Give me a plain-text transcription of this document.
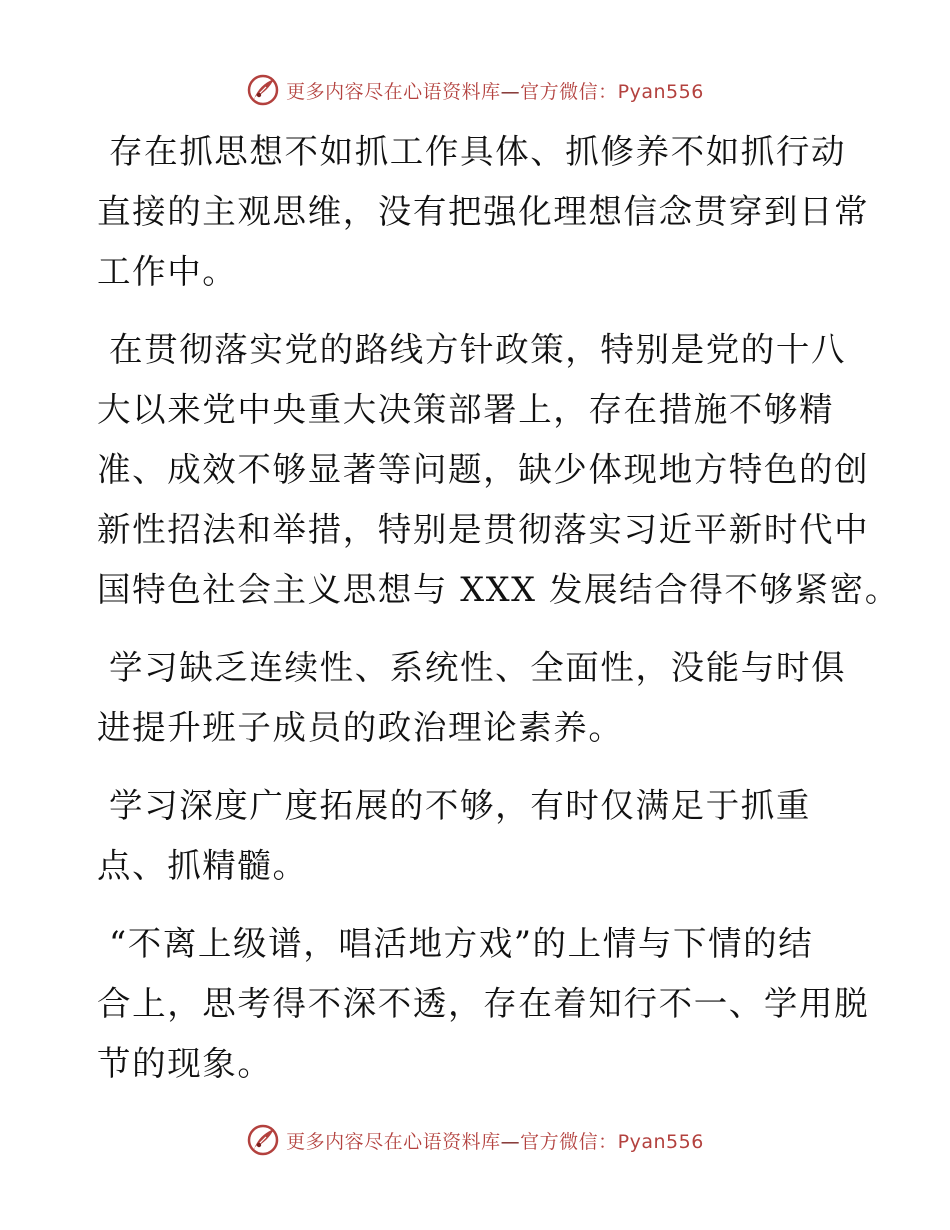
更多内容尽在心语资料库—官方微信：Pyan556

存在抓思想不如抓工作具体、抓修养不如抓行动
直接的主观思维，没有把强化理想信念贯穿到日常
工作中。

在贯彻落实党的路线方针政策，特别是党的十八
大以来党中央重大决策部署上，存在措施不够精
准、成效不够显著等问题，缺少体现地方特色的创
新性招法和举措，特别是贯彻落实习近平新时代中
国特色社会主义思想与 XXX 发展结合得不够紧密。

学习缺乏连续性、系统性、全面性，没能与时俱
进提升班子成员的政治理论素养。

学习深度广度拓展的不够，有时仅满足于抓重
点、抓精髓。

“不离上级谱，唱活地方戏”的上情与下情的结
合上，思考得不深不透，存在着知行不一、学用脱
节的现象。

更多内容尽在心语资料库—官方微信：Pyan556
